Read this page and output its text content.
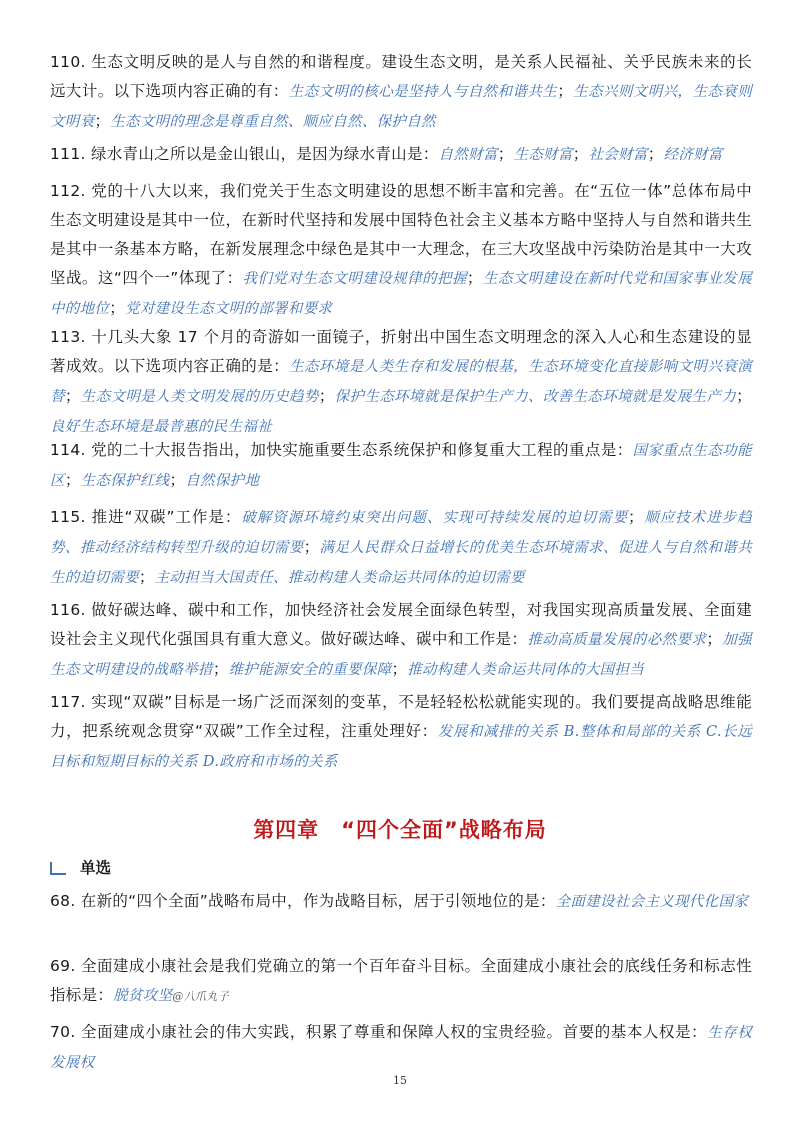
110. 生态文明反映的是人与自然的和谐程度。建设生态文明，是关系人民福祉、关乎民族未来的长远大计。以下选项内容正确的有：生态文明的核心是坚持人与自然和谐共生；生态兴则文明兴，生态衰则文明衰；生态文明的理念是尊重自然、顺应自然、保护自然
111. 绿水青山之所以是金山银山，是因为绿水青山是：自然财富；生态财富；社会财富；经济财富
112. 党的十八大以来，我们党关于生态文明建设的思想不断丰富和完善。在“五位一体”总体布局中生态文明建设是其中一位，在新时代坚持和发展中国特色社会主义基本方略中坚持人与自然和谐共生是其中一条基本方略，在新发展理念中绿色是其中一大理念，在三大攻坚战中污染防治是其中一大攻坚战。这“四个一”体现了：我们党对生态文明建设规律的把握；生态文明建设在新时代党和国家事业发展中的地位；党对建设生态文明的部署和要求
113. 十几头大象 17 个月的奇游如一面镜子，折射出中国生态文明理念的深入人心和生态建设的显著成效。以下选项内容正确的是：生态环境是人类生存和发展的根基，生态环境变化直接影响文明兴衰演替；生态文明是人类文明发展的历史趋势；保护生态环境就是保护生产力、改善生态环境就是发展生产力；良好生态环境是最普惠的民生福祉
114. 党的二十大报告指出，加快实施重要生态系统保护和修复重大工程的重点是：国家重点生态功能区；生态保护红线；自然保护地
115. 推进“双碳”工作是：破解资源环境约束突出问题、实现可持续发展的迫切需要；顺应技术进步趋势、推动经济结构转型升级的迫切需要；满足人民群众日益增长的优美生态环境需求、促进人与自然和谐共生的迫切需要；主动担当大国责任、推动构建人类命运共同体的迫切需要
116. 做好碳达峰、碳中和工作，加快经济社会发展全面绿色转型，对我国实现高质量发展、全面建设社会主义现代化强国具有重大意义。做好碳达峰、碳中和工作是：推动高质量发展的必然要求；加强生态文明建设的战略举措；维护能源安全的重要保障；推动构建人类命运共同体的大国担当
117. 实现“双碳”目标是一场广泛而深刻的变革，不是轻轻松松就能实现的。我们要提高战略思维能力，把系统观念贯穿“双碳”工作全过程，注重处理好：发展和减排的关系 B.整体和局部的关系 C.长远目标和短期目标的关系 D.政府和市场的关系
第四章　“四个全面”战略布局
单选
68. 在新的“四个全面”战略布局中，作为战略目标，居于引领地位的是：全面建设社会主义现代化国家
69. 全面建成小康社会是我们党确立的第一个百年奋斗目标。全面建成小康社会的底线任务和标志性指标是：脱贫攻坚@八爪丸子
70. 全面建成小康社会的伟大实践，积累了尊重和保障人权的宝贵经验。首要的基本人权是：生存权发展权
15
